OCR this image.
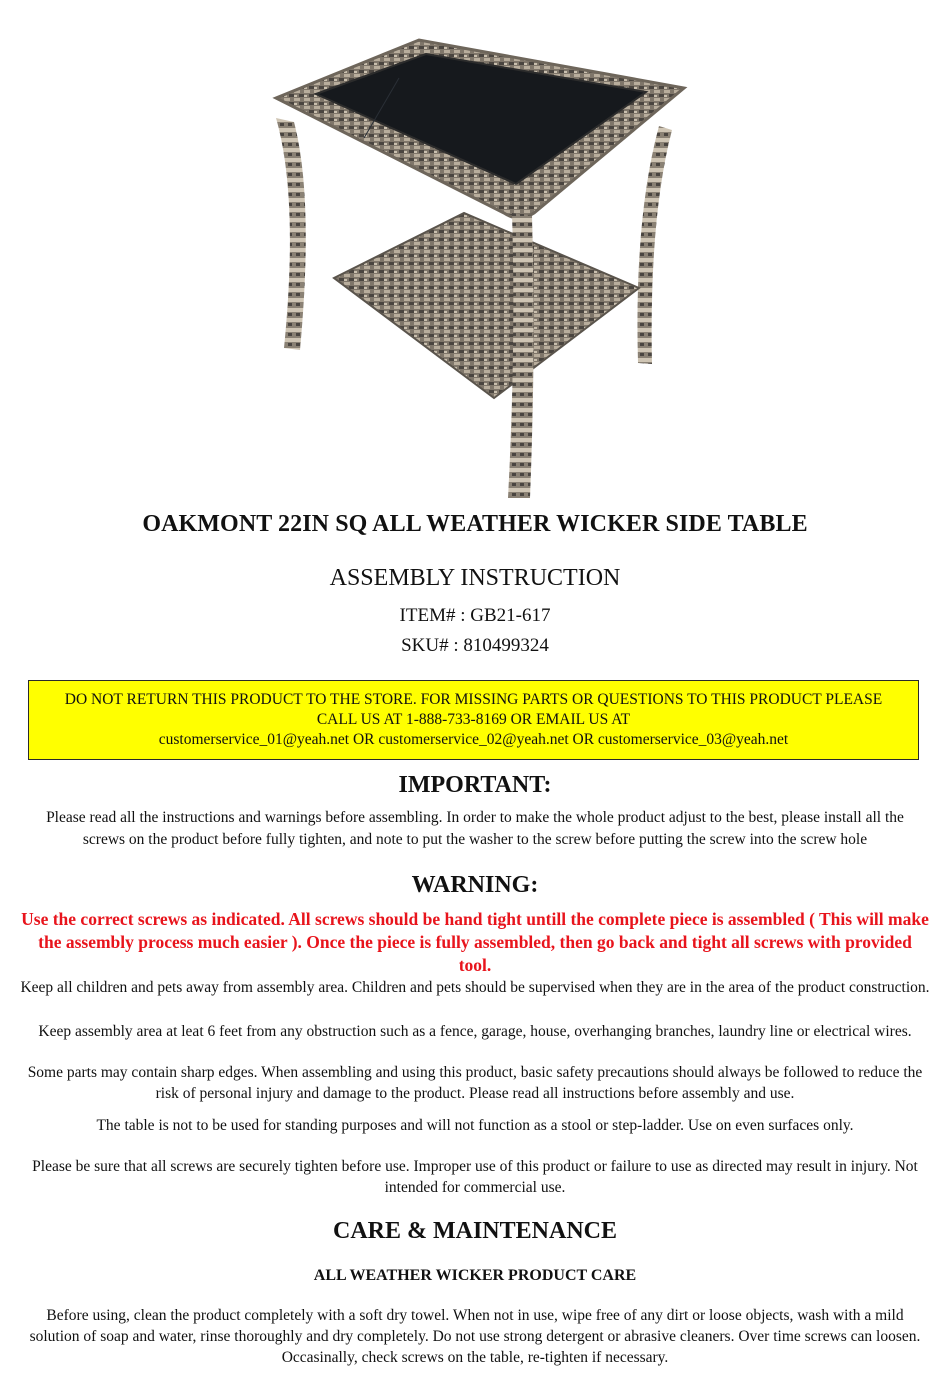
OAKMONT 22IN SQ ALL WEATHER WICKER SIDE TABLE
ASSEMBLY INSTRUCTION
ITEM# : GB21-617
SKU# : 810499324
DO NOT RETURN THIS PRODUCT TO THE STORE. FOR MISSING PARTS OR QUESTIONS TO THIS PRODUCT PLEASE
CALL US AT 1-888-733-8169 OR EMAIL US AT
customerservice_01@yeah.net OR customerservice_02@yeah.net OR customerservice_03@yeah.net
IMPORTANT:
Please read all the instructions and warnings before assembling. In order to make the whole product adjust to the best, please install all the screws on the product before fully tighten, and note to put the washer to the screw before putting the screw into the screw hole
WARNING:
Use the correct screws as indicated. All screws should be hand tight untill the complete piece is assembled ( This will make the assembly process much easier ). Once the piece is fully assembled, then go back and tight all screws with provided tool.
Keep all children and pets away from assembly area. Children and pets should be supervised when they are in the area of the product construction.
Keep assembly area at leat 6 feet from any obstruction such as a fence, garage, house, overhanging branches, laundry line or electrical wires.
Some parts may contain sharp edges. When assembling and using this product, basic safety precautions should always be followed to reduce the risk of personal injury and damage to the product. Please read all instructions before assembly and use.
The table is not to be used for standing purposes and will not function as a stool or step-ladder. Use on even surfaces only.
Please be sure that all screws are securely tighten before use. Improper use of this product or failure to use as directed may result in injury. Not intended for commercial use.
CARE & MAINTENANCE
ALL WEATHER WICKER PRODUCT CARE
Before using, clean the product completely with a soft dry towel. When not in use, wipe free of any dirt or loose objects, wash with a mild solution of soap and water, rinse thoroughly and dry completely. Do not use strong detergent or abrasive cleaners. Over time screws can loosen. Occasinally, check screws on the table, re-tighten if necessary.
